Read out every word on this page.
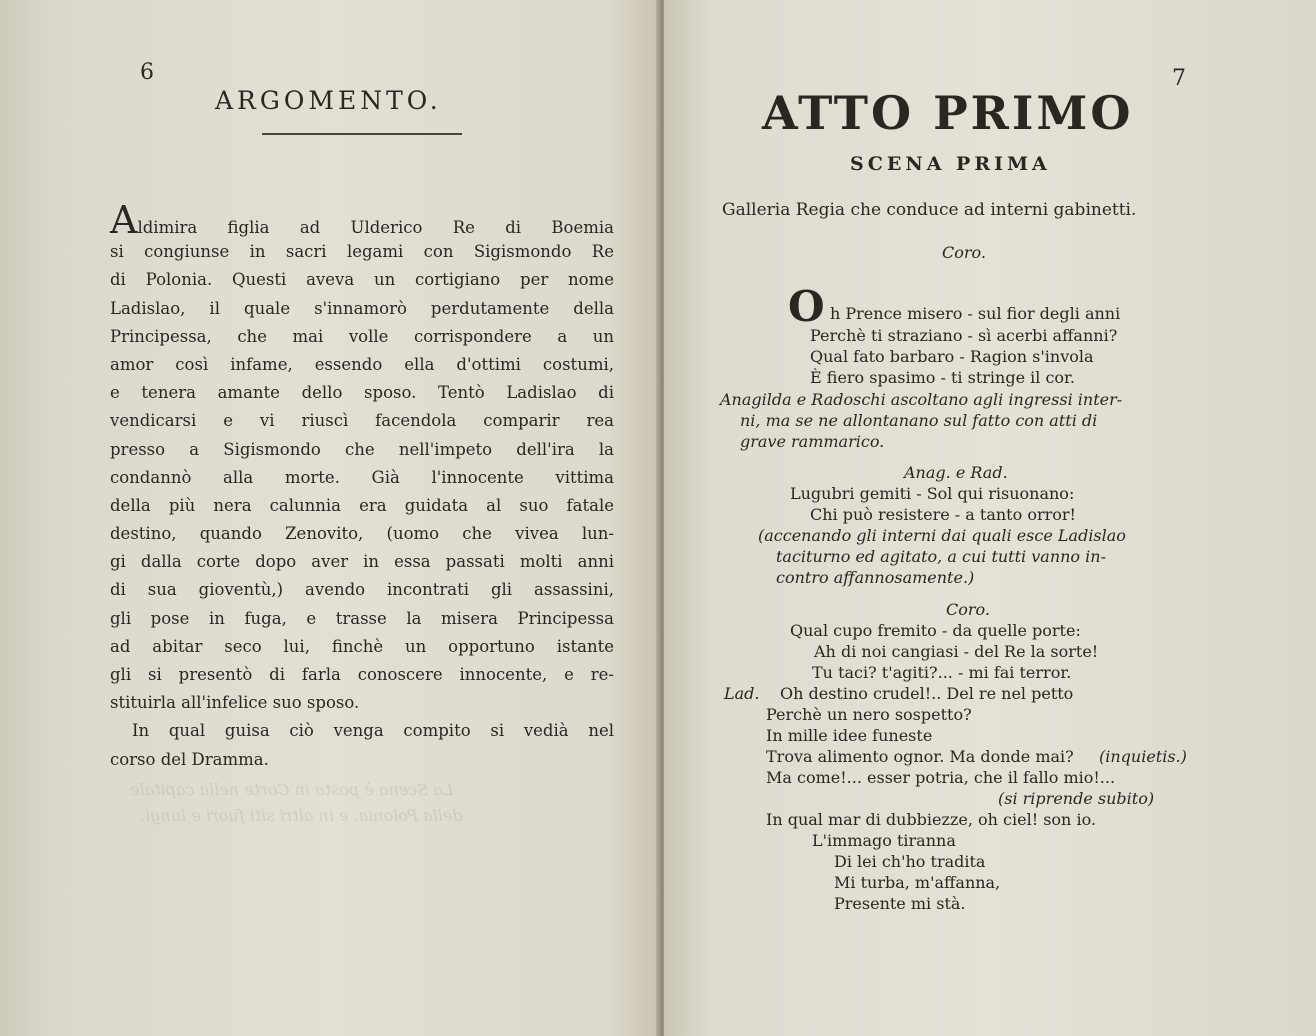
6
ARGOMENTO.
La Scena è posta in Corte nella capitale
della Polonia, e in altri siti fuori e lungi.
Aldimira figlia ad Ulderico Re di Boemia
si congiunse in sacri legami con Sigismondo Re
di Polonia. Questi aveva un cortigiano per nome
Ladislao, il quale s'innamorò perdutamente della
Principessa, che mai volle corrispondere a un
amor così infame, essendo ella d'ottimi costumi,
e tenera amante dello sposo. Tentò Ladislao di
vendicarsi e vi riuscì facendola comparir rea
presso a Sigismondo che nell'impeto dell'ira la
condannò alla morte. Già l'innocente vittima
della più nera calunnia era guidata al suo fatale
destino, quando Zenovito, (uomo che vivea lun-
gi dalla corte dopo aver in essa passati molti anni
di sua gioventù,) avendo incontrati gli assassini,
gli pose in fuga, e trasse la misera Principessa
ad abitar seco lui, finchè un opportuno istante
gli si presentò di farla conoscere innocente, e re-
stituirla all'infelice suo sposo.
In qual guisa ciò venga compito si vedià nel
corso del Dramma.
7
ATTO PRIMO
SCENA PRIMA
Galleria Regia che conduce ad interni gabinetti.
Coro.
O h Prence misero - sul fior degli anni
Perchè ti straziano - sì acerbi affanni?
Qual fato barbaro - Ragion s'invola
È fiero spasimo - ti stringe il cor.
Anagilda e Radoschi ascoltano agli ingressi inter-
ni, ma se ne allontanano sul fatto con atti di
grave rammarico.
Anag. e Rad.
Lugubri gemiti - Sol qui risuonano:
Chi può resistere - a tanto orror!
(accenando gli interni dai quali esce Ladislao
taciturno ed agitato, a cui tutti vanno in-
contro affannosamente.)
Coro.
Qual cupo fremito - da quelle porte:
Ah di noi cangiasi - del Re la sorte!
Tu taci? t'agiti?... - mi fai terror.
Lad. Oh destino crudel!.. Del re nel petto
Perchè un nero sospetto?
In mille idee funeste
Trova alimento ognor. Ma donde mai? (inquietis.)
Ma come!... esser potria, che il fallo mio!...
(si riprende subito)
In qual mar di dubbiezze, oh ciel! son io.
L'immago tiranna
Di lei ch'ho tradita
Mi turba, m'affanna,
Presente mi stà.
